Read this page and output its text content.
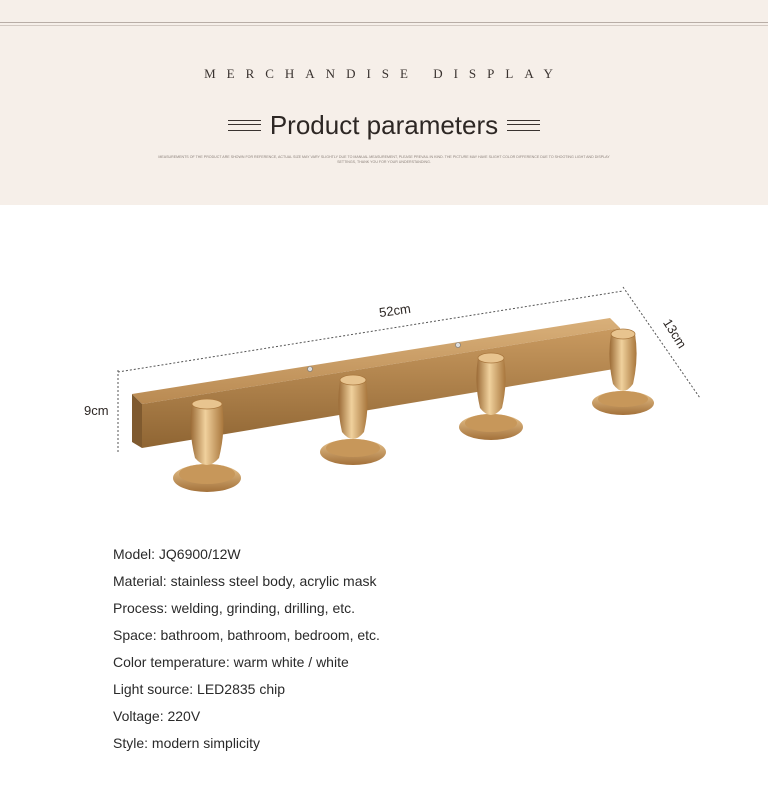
MERCHANDISE DISPLAY
Product parameters
MEASUREMENTS OF THE PRODUCT ARE SHOWN FOR REFERENCE, ACTUAL SIZE MAY VARY SLIGHTLY DUE TO MANUAL MEASUREMENT, PLEASE PREVAIL IN KIND. THE PICTURE MAY HAVE SLIGHT COLOR DIFFERENCE DUE TO SHOOTING LIGHT AND DISPLAY SETTINGS, THANK YOU FOR YOUR UNDERSTANDING.
52cm
13cm
9cm
Model: JQ6900/12W
Material: stainless steel body, acrylic mask
Process: welding, grinding, drilling, etc.
Space: bathroom, bathroom, bedroom, etc.
Color temperature: warm white / white
Light source: LED2835 chip
Voltage: 220V
Style: modern simplicity
